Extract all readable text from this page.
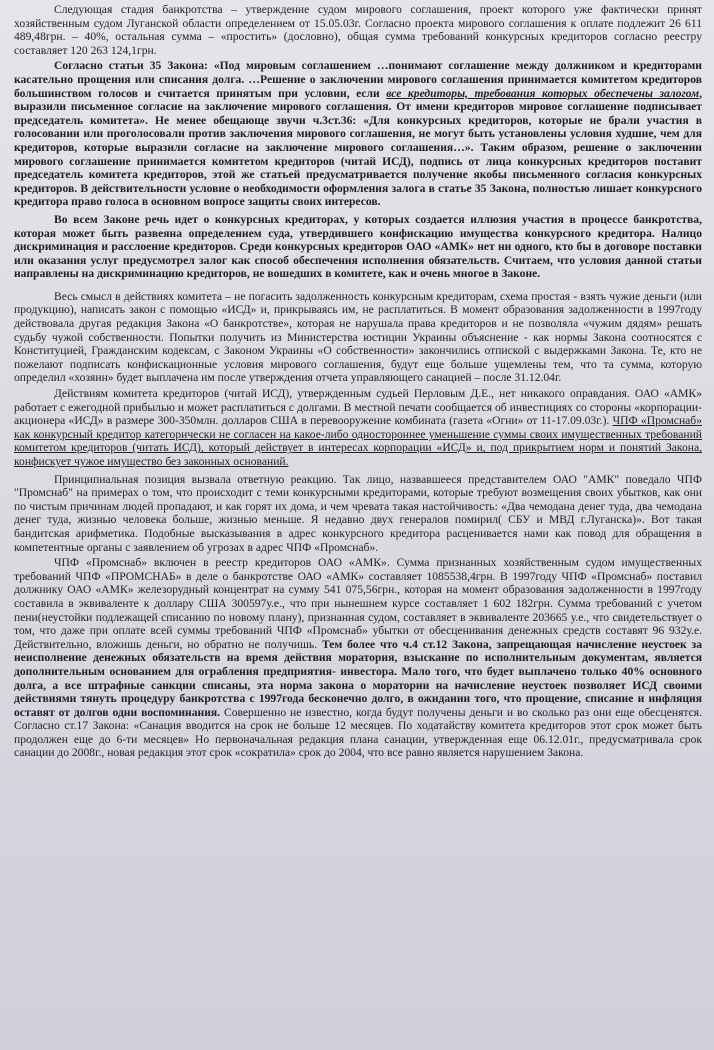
Следующая стадия банкротства – утверждение судом мирового соглашения, проект которого уже фактически принят хозяйственным судом Луганской области определением от 15.05.03г. Согласно проекта мирового соглашения к оплате подлежит 26 611 489,48грн. – 40%, остальная сумма – «простить» (дословно), общая сумма требований конкурсных кредиторов согласно реестру составляет 120 263 124,1грн.

Согласно статьи 35 Закона: «Под мировым соглашением …понимают соглашение между должником и кредиторами касательно прощения или списания долга. …Решение о заключении мирового соглашения принимается комитетом кредиторов большинством голосов и считается принятым при условии, если все кредиторы, требования которых обеспечены залогом, выразили письменное согласие на заключение мирового соглашения. От имени кредиторов мировое соглашение подписывает председатель комитета». Не менее обещающе звучи ч.3ст.36: «Для конкурсных кредиторов, которые не брали участия в голосовании или проголосовали против заключения мирового соглашения, не могут быть установлены условия худшие, чем для кредиторов, которые выразили согласие на заключение мирового соглашения…». Таким образом, решение о заключении мирового соглашение принимается комитетом кредиторов (читай ИСД), подпись от лица конкурсных кредиторов поставит председатель комитета кредиторов, этой же статьей предусматривается получение якобы письменного согласия конкурсных кредиторов. В действительности условие о необходимости оформления залога в статье 35 Закона, полностью лишает конкурсного кредитора право голоса в основном вопросе защиты своих интересов.

Во всем Законе речь идет о конкурсных кредиторах, у которых создается иллюзия участия в процессе банкротства, которая может быть развеяна определением суда, утвердившего конфискацию имущества конкурсного кредитора. Налицо дискриминация и расслоение кредиторов. Среди конкурсных кредиторов ОАО «АМК» нет ни одного, кто бы в договоре поставки или оказания услуг предусмотрел залог как способ обеспечения исполнения обязательств. Считаем, что условия данной статьи направлены на дискриминацию кредиторов, не вошедших в комитете, как и очень многое в Законе.

Весь смысл в действиях комитета – не погасить задолженность конкурсным кредиторам, схема простая - взять чужие деньги (или продукцию), написать закон с помощью «ИСД» и, прикрываясь им, не расплатиться. В момент образования задолженности в 1997году действовала другая редакция Закона «О банкротстве», которая не нарушала права кредиторов и не позволяла «чужим дядям» решать судьбу чужой собственности. Попытки получить из Министерства юстиции Украины объяснение - как нормы Закона соотносятся с Конституцией, Гражданским кодексам, с Законом Украины «О собственности» закончились отпиской с выдержками Закона. Те, кто не пожелают подписать конфискационные условия мирового соглашения, будут еще больше ущемлены тем, что та сумма, которую определил «хозяин» будет выплачена им после утверждения отчета управляющего санацией – после 31.12.04г.

Действиям комитета кредиторов (читай ИСД), утвержденным судьей Перловым Д.Е., нет никакого оправдания. ОАО «АМК» работает с ежегодной прибылью и может расплатиться с долгами. В местной печати сообщается об инвестициях со стороны «корпорации-акционера «ИСД» в размере 300-350млн. долларов США в перевооружение комбината (газета «Огни» от 11-17.09.03г.). ЧПФ «Промснаб» как конкурсный кредитор категорически не согласен на какое-либо одностороннее уменьшение суммы своих имущественных требований комитетом кредиторов (читать ИСД), который действует в интересах корпорации «ИСД» и, под прикрытием норм и понятий Закона, конфискует чужое имущество без законных оснований.

Принципиальная позиция вызвала ответную реакцию. Так лицо, назвавшееся представителем ОАО "АМК" поведало ЧПФ "Промснаб" на примерах о том, что происходит с теми конкурсными кредиторами, которые требуют возмещения своих убытков, как они по чистым причинам людей пропадают, и как горят их дома, и чем чревата такая настойчивость: «Два чемодана денег туда, два чемодана денег туда, жизнью человека больше, жизнью меньше. Я недавно двух генералов помирил( СБУ и МВД г.Луганска)». Вот такая бандитская арифметика. Подобные высказывания в адрес конкурсного кредитора расценивается нами как повод для обращения в компетентные органы с заявлением об угрозах в адрес ЧПФ «Промснаб».

ЧПФ «Промснаб» включен в реестр кредиторов ОАО «АМК». Сумма признанных хозяйственным судом имущественных требований ЧПФ «ПРОМСНАБ» в деле о банкротстве ОАО «АМК» составляет 1085538,4грн. В 1997году ЧПФ «Промснаб» поставил должнику ОАО «АМК» железорудный концентрат на сумму 541 075,56грн., которая на момент образования задолженности в 1997году составила в эквиваленте к доллару США 300597у.е., что при нынешнем курсе составляет 1 602 182грн. Сумма требований с учетом пени(неустойки подлежащей списанию по новому плану), признанная судом, составляет в эквиваленте 203665 у.е., что свидетельствует о том, что даже при оплате всей суммы требований ЧПФ «Промснаб» убытки от обесценивания денежных средств составят 96 932у.е. Действительно, вложишь деньги, но обратно не получишь. Тем более что ч.4 ст.12 Закона, запрещающая начисление неустоек за неисполнение денежных обязательств на время действия моратория, взыскание по исполнительным документам, является дополнительным основанием для ограбления предприятия- инвестора. Мало того, что будет выплачено только 40% основного долга, а все штрафные санкции списаны, эта норма закона о моратории на начисление неустоек позволяет ИСД своими действиями тянуть процедуру банкротства с 1997года бесконечно долго, в ожидании того, что прощение, списание и инфляция оставят от долгов одни воспоминания. Совершенно не известно, когда будут получены деньги и во сколько раз они еще обесценятся. Согласно ст.17 Закона: «Санация вводится на срок не больше 12 месяцев. По ходатайству комитета кредиторов этот срок может быть продолжен еще до 6-ти месяцев» Но первоначальная редакция плана санации, утвержденная еще 06.12.01г., предусматривала срок санации до 2008г., новая редакция этот срок «сократила» срок до 2004, что все равно является нарушением Закона.
